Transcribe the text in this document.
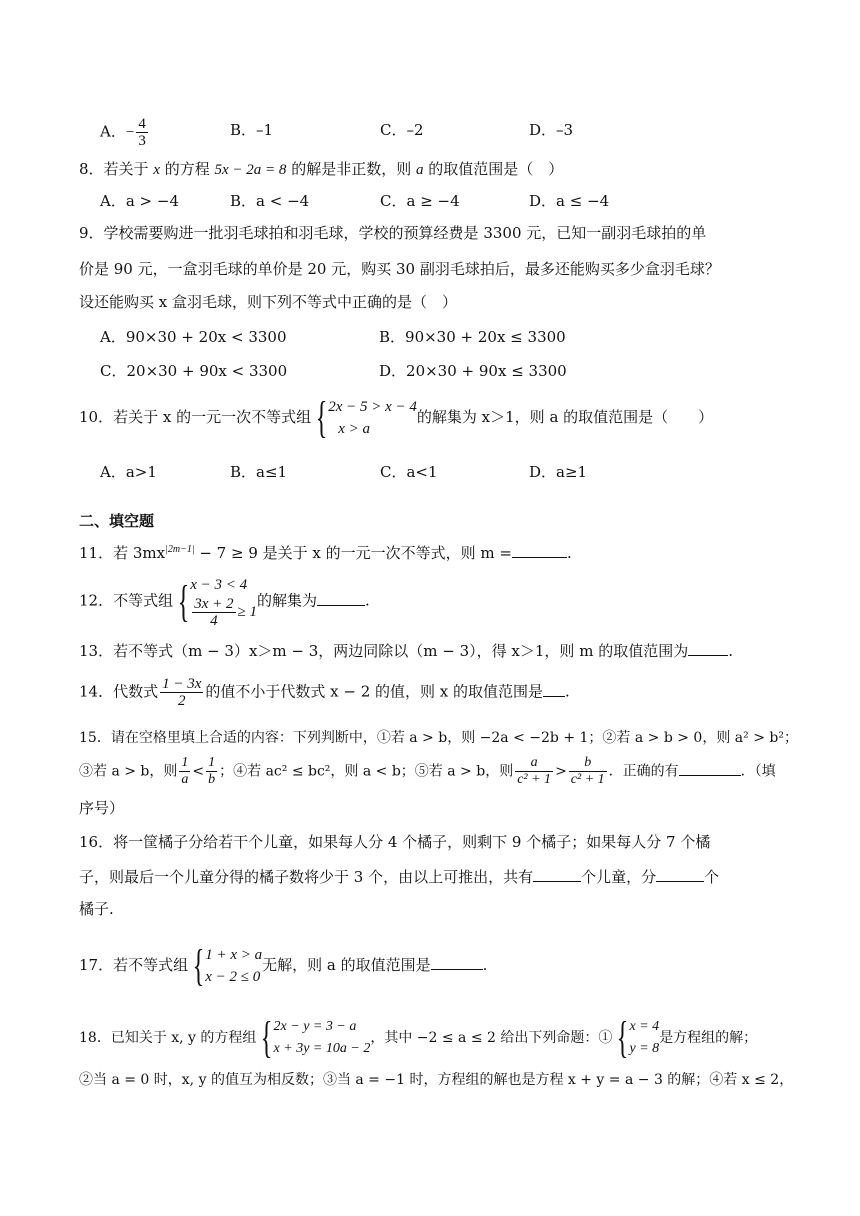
A．− $\frac{4}{3}$	B．–1	C．–2	D．–3
8．若关于 x 的方程 5x − 2a = 8 的解是非正数，则 a 的取值范围是（　）
A．a > −4	B．a < −4	C．a ≥ −4	D．a ≤ −4
9．学校需要购进一批羽毛球拍和羽毛球，学校的预算经费是 3300 元，已知一副羽毛球拍的单
价是 90 元，一盒羽毛球的单价是 20 元，购买 30 副羽毛球拍后，最多还能购买多少盒羽毛球？
设还能购买 x 盒羽毛球，则下列不等式中正确的是（　）
A．90×30 + 20x < 3300	B．90×30 + 20x ≤ 3300
C．20×30 + 90x < 3300	D．20×30 + 90x ≤ 3300
10．若关于 x 的一元一次不等式组 { 2x − 5 > x − 4
x > a
的解集为 x＞1，则 a 的取值范围是（　　）
A．a>1	B．a≤1	C．a<1	D．a≥1
二、填空题
11．若 $3mx^{|2m-1|} - 7 \ge 9$ 是关于 x 的一元一次不等式，则 m =	.
12．不等式组 { x − 3 < 4
$\frac{3x + 2}{4} \ge 1$
的解集为	.
13．若不等式（m − 3）x＞m − 3，两边同除以（m − 3），得 x＞1，则 m 的取值范围为	.
14．代数式 $\frac{1 - 3x}{2}$ 的值不小于代数式 x − 2 的值，则 x 的取值范围是 .
15．请在空格里填上合适的内容：下列判断中，①若 a > b，则 −2a < −2b + 1；②若 a > b > 0，则 a² > b²；
③若 a > b，则 $\frac{1}{a} < \frac{1}{b}$ ；④若 ac² ≤ bc²，则 a < b；⑤若 a > b，则 $\frac{a}{\text{c² + 1}} > \frac{b}{\text{c² + 1}}$ ．正确的有	．（填
序号）
16．将一筐橘子分给若干个儿童，如果每人分 4 个橘子，则剩下 9 个橘子；如果每人分 7 个橘
子，则最后一个儿童分得的橘子数将少于 3 个，由以上可推出，共有	个儿童，分	个
橘子.
17．若不等式组 { 1 + x > a
x − 2 ≤ 0
无解，则 a 的取值范围是	.
18．已知关于 x, y 的方程组 { 2x − y = 3 − a
x + 3y = 10a − 2
，其中 −2 ≤ a ≤ 2 给出下列命题：① { x = 4
y = 8
是方程组的解；
②当 a = 0 时，x, y 的值互为相反数；③当 a = −1 时，方程组的解也是方程 x + y = a − 3 的解；④若 x ≤ 2，
